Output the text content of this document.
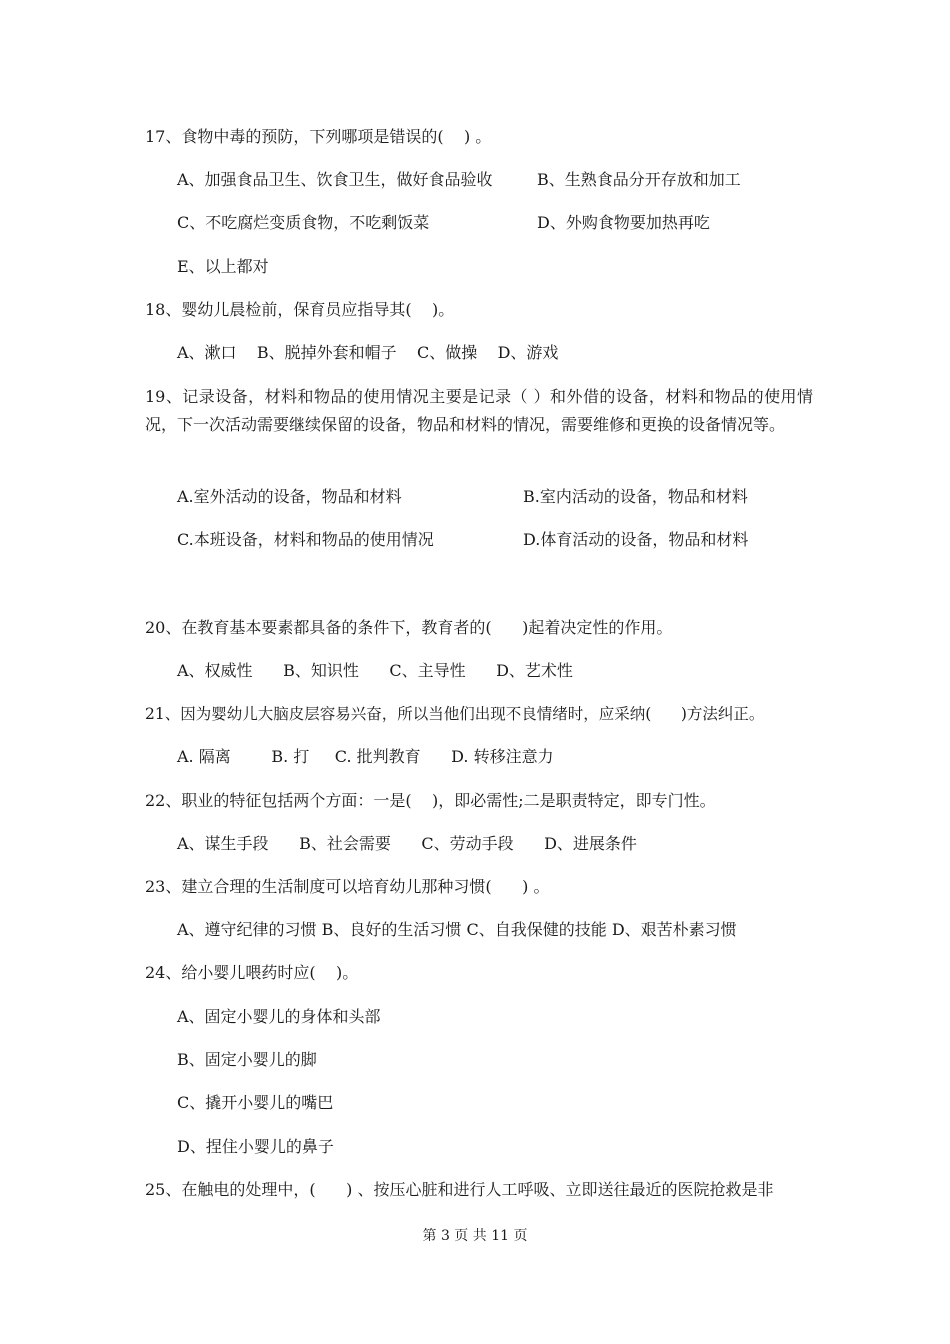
17、食物中毒的预防，下列哪项是错误的(    ) 。
A、加强食品卫生、饮食卫生，做好食品验收	B、生熟食品分开存放和加工
C、不吃腐烂变质食物，不吃剩饭菜	D、外购食物要加热再吃
E、以上都对
18、婴幼儿晨检前，保育员应指导其(    )。
A、漱口    B、脱掉外套和帽子    C、做操    D、游戏
19、记录设备，材料和物品的使用情况主要是记录（ ）和外借的设备，材料和物品的使用情况，下一次活动需要继续保留的设备，物品和材料的情况，需要维修和更换的设备情况等。
A.室外活动的设备，物品和材料	B.室内活动的设备，物品和材料
C.本班设备，材料和物品的使用情况	D.体育活动的设备，物品和材料
20、在教育基本要素都具备的条件下，教育者的(      )起着决定性的作用。
A、权威性      B、知识性      C、主导性      D、艺术性
21、因为婴幼儿大脑皮层容易兴奋，所以当他们出现不良情绪时，应采纳(      )方法纠正。
A. 隔离        B. 打     C. 批判教育      D. 转移注意力
22、职业的特征包括两个方面：一是(    )，即必需性;二是职责特定，即专门性。
A、谋生手段      B、社会需要      C、劳动手段      D、进展条件
23、建立合理的生活制度可以培育幼儿那种习惯(      ) 。
A、遵守纪律的习惯 B、良好的生活习惯 C、自我保健的技能 D、艰苦朴素习惯
24、给小婴儿喂药时应(    )。
A、固定小婴儿的身体和头部
B、固定小婴儿的脚
C、撬开小婴儿的嘴巴
D、捏住小婴儿的鼻子
25、在触电的处理中，(      ) 、按压心脏和进行人工呼吸、立即送往最近的医院抢救是非
第 3 页 共 11 页
